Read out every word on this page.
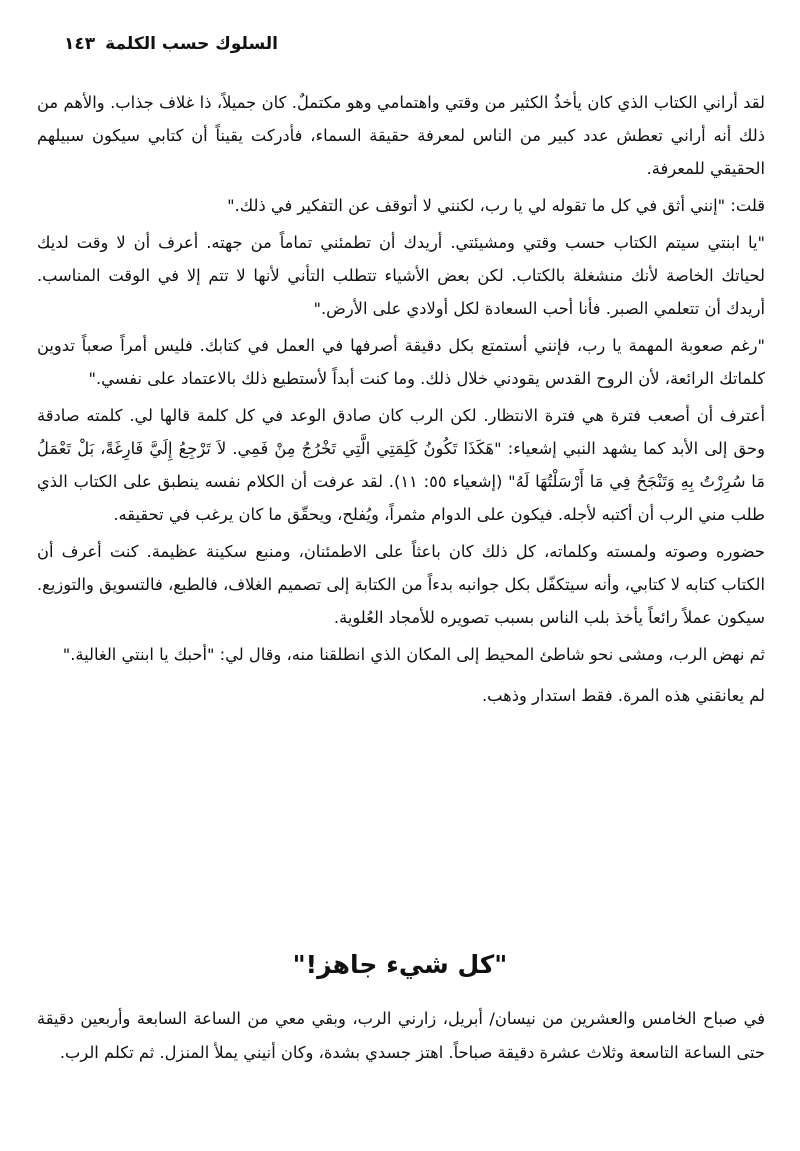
السلوك حسب الكلمة١٤٣

لقد أراني الكتاب الذي كان يأخذُ الكثير من وقتي واهتمامي وهو مكتملٌ. كان جميلاً، ذا غلاف جذاب. والأهم من ذلك أنه أراني تعطش عدد كبير من الناس لمعرفة حقيقة السماء، فأدركت يقيناً أن كتابي سيكون سبيلهم الحقيقي للمعرفة.

قلت: "إنني أثق في كل ما تقوله لي يا رب، لكنني لا أتوقف عن التفكير في ذلك."

"يا ابنتي سيتم الكتاب حسب وقتي ومشيئتي. أريدك أن تطمئني تماماً من جهته. أعرف أن لا وقت لديك لحياتك الخاصة لأنك منشغلة بالكتاب. لكن بعض الأشياء تتطلب التأني لأنها لا تتم إلا في الوقت المناسب. أريدك أن تتعلمي الصبر. فأنا أحب السعادة لكل أولادي على الأرض."

"رغم صعوبة المهمة يا رب، فإنني أستمتع بكل دقيقة أصرفها في العمل في كتابك. فليس أمراً صعباً تدوين كلماتك الرائعة، لأن الروح القدس يقودني خلال ذلك. وما كنت أبداً لأستطيع ذلك بالاعتماد على نفسي."

أعترف أن أصعب فترة هي فترة الانتظار. لكن الرب كان صادق الوعد في كل كلمة قالها لي. كلمته صادقة وحق إلى الأبد كما يشهد النبي إشعياء: "هَكَذَا تَكُونُ كَلِمَتِي الَّتِي تَخْرُجُ مِنْ فَمِي. لاَ تَرْجِعُ إِلَيَّ فَارِغَةً، بَلْ تَعْمَلُ مَا سُرِرْتُ بِهِ وَتَنْجَحُ فِي مَا أَرْسَلْتُهَا لَهُ" (إشعياء ٥٥: ١١). لقد عرفت أن الكلام نفسه ينطبق على الكتاب الذي طلب مني الرب أن أكتبه لأجله. فيكون على الدوام مثمراً، ويُفلح، ويحقّق ما كان يرغب في تحقيقه.

حضوره وصوته ولمسته وكلماته، كل ذلك كان باعثاً على الاطمئنان، ومنبع سكينة عظيمة. كنت أعرف أن الكتاب كتابه لا كتابي، وأنه سيتكفّل بكل جوانبه بدءاً من الكتابة إلى تصميم الغلاف، فالطبع، فالتسويق والتوزيع. سيكون عملاً رائعاً يأخذ بلب الناس بسبب تصويره للأمجاد العُلوية.

ثم نهض الرب، ومشى نحو شاطئ المحيط إلى المكان الذي انطلقنا منه، وقال لي: "أحبك يا ابنتي الغالية."

لم يعانقني هذه المرة. فقط استدار وذهب.

"كل شيء جاهز!"

في صباح الخامس والعشرين من نيسان/ أبريل، زارني الرب، وبقي معي من الساعة السابعة وأربعين دقيقة حتى الساعة التاسعة وثلاث عشرة دقيقة صباحاً. اهتز جسدي بشدة، وكان أنيني يملأ المنزل. ثم تكلم الرب.
